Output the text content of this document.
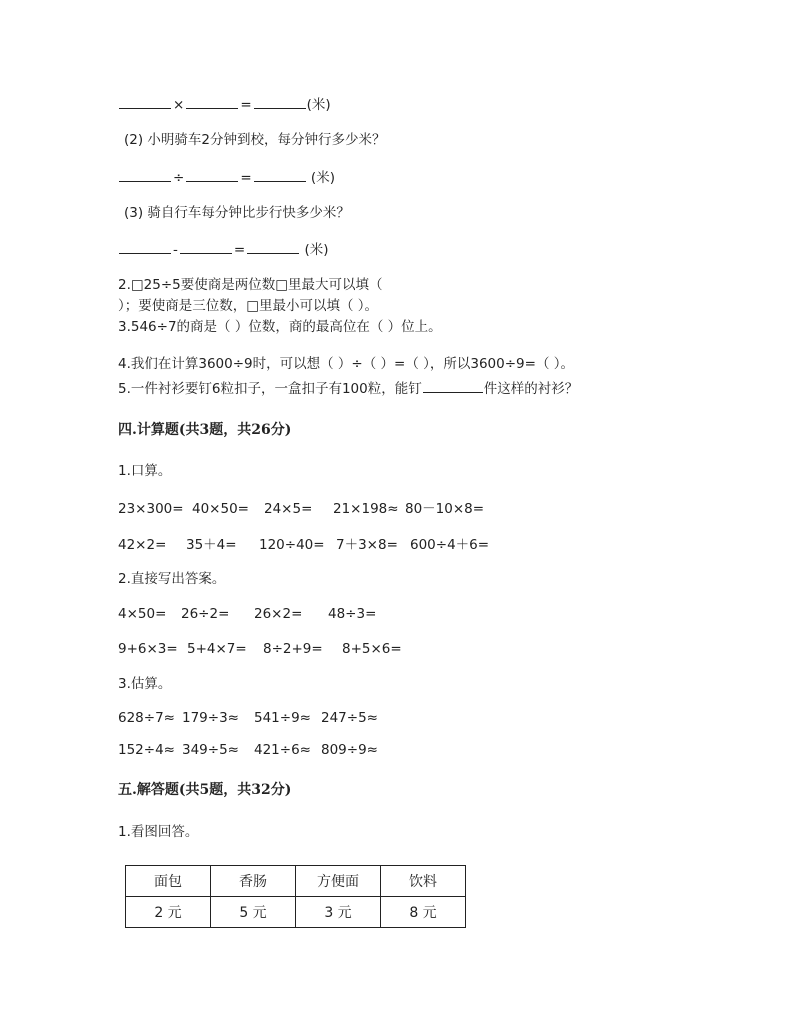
×	=	(米)
(2) 小明骑车2分钟到校，每分钟行多少米？
÷	=	(米)
(3) 骑自行车每分钟比步行快多少米？
-	=	(米)
2.□25÷5要使商是两位数□里最大可以填（
）；要使商是三位数，□里最小可以填（ ）。
3.546÷7的商是（ ）位数，商的最高位在（ ）位上。
4.我们在计算3600÷9时，可以想（ ）÷（ ）=（ ），所以3600÷9=（ ）。
5.一件衬衫要钉6粒扣子，一盒扣子有100粒，能钉	件这样的衬衫？
四.计算题(共3题，共26分)
1.口算。
23×300= 40×50= 24×5= 21×198≈ 80－10×8=
42×2= 35＋4= 120÷40= 7＋3×8= 600÷4＋6=
2.直接写出答案。
4×50= 26÷2= 26×2= 48÷3=
9+6×3= 5+4×7= 8÷2+9= 8+5×6=
3.估算。
628÷7≈ 179÷3≈ 541÷9≈ 247÷5≈
152÷4≈ 349÷5≈ 421÷6≈ 809÷9≈
五.解答题(共5题，共32分)
1.看图回答。
面包	香肠	方便面	饮料
2 元	5 元	3 元	8 元
